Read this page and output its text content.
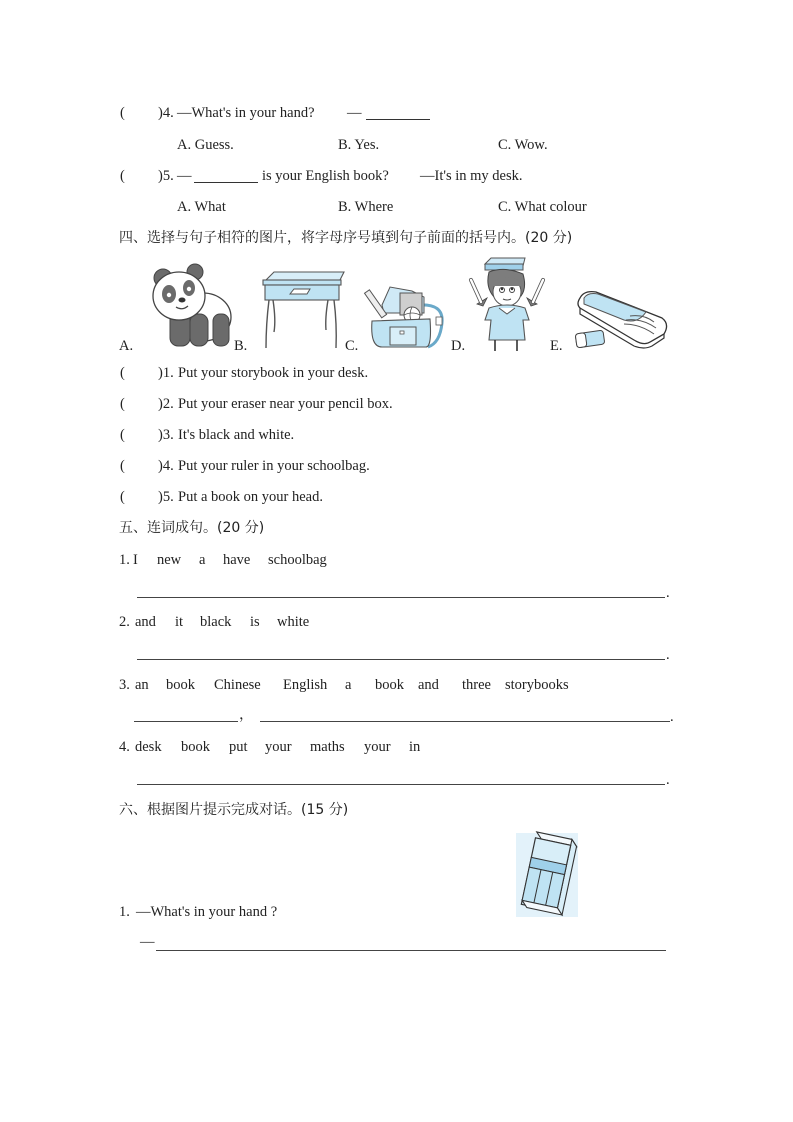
( )4. —What's in your hand? —
A. Guess.	B. Yes.	C. Wow.
( )5. —	is your English book? —It's in my desk.
A. What	B. Where	C. What colour
四、选择与句子相符的图片，将字母序号填到句子前面的括号内。(20 分)
A.	B.	C.	D.	E.
( )1. Put your storybook in your desk.
( )2. Put your eraser near your pencil box.
( )3. It's black and white.
( )4. Put your ruler in your schoolbag.
( )5. Put a book on your head.
五、连词成句。(20 分)
1. I new a have schoolbag
.
2. and it black is white
.
3. an book Chinese English a book and three storybooks
，	.
4. desk book put your maths your in
.
六、根据图片提示完成对话。(15 分)
1. —What's in your hand ?
—
